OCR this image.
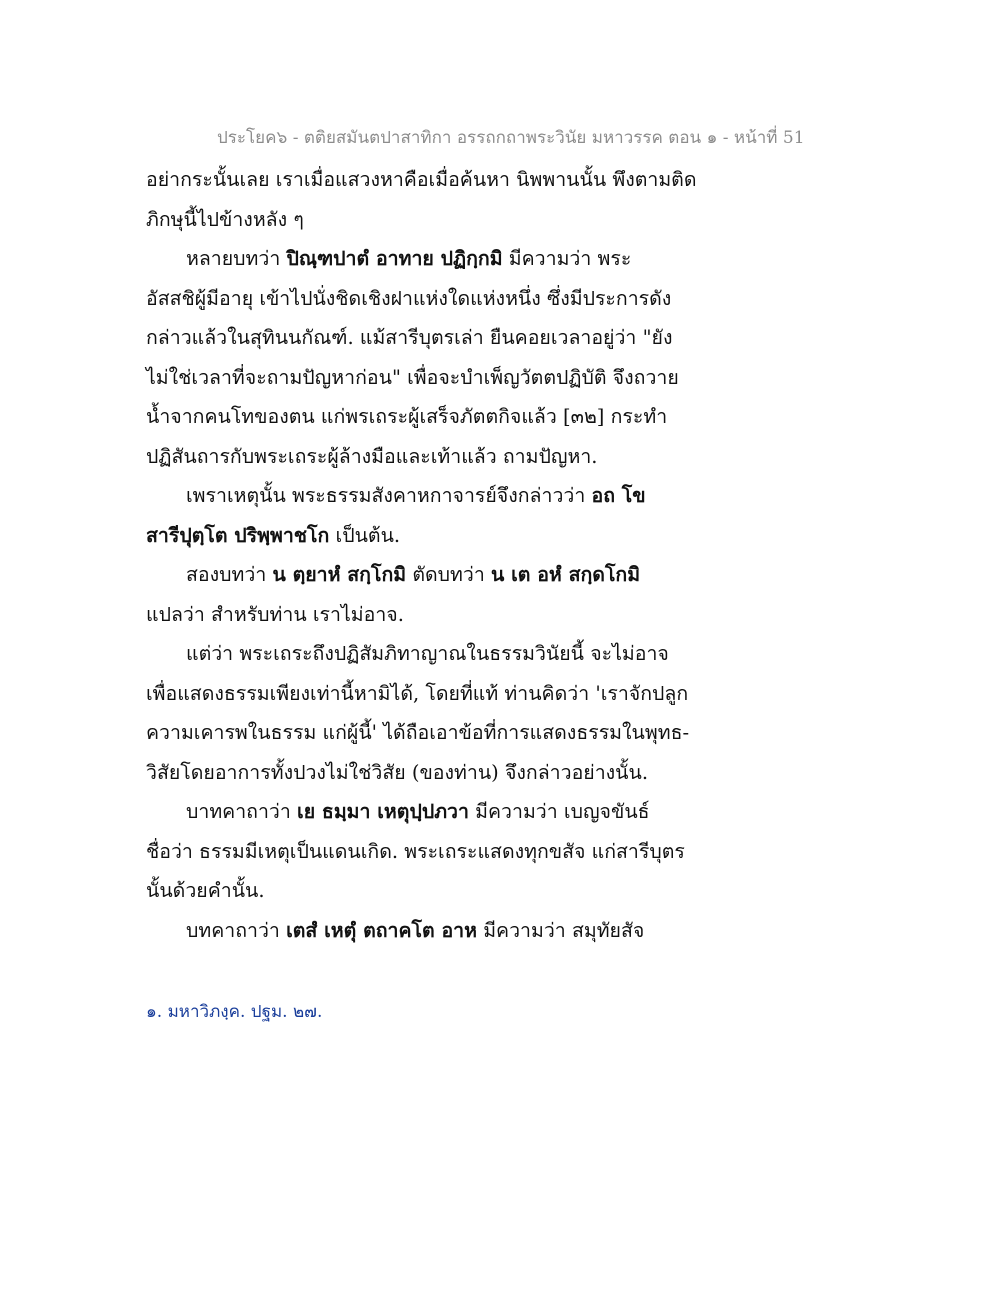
ประโยค๖ - ตติยสมันตปาสาทิกา อรรถกถาพระวินัย มหาวรรค ตอน ๑ - หน้าที่ 51
อย่ากระนั้นเลย เราเมื่อแสวงหาคือเมื่อค้นหา นิพพานนั้น พึงตามติด
ภิกษุนี้ไปข้างหลัง ๆ
หลายบทว่า ปิณฺฑปาตํ อาทาย ปฏิกฺกมิ มีความว่า พระ
อัสสชิผู้มีอายุ เข้าไปนั่งชิดเชิงฝาแห่งใดแห่งหนึ่ง ซึ่งมีประการดัง
กล่าวแล้วในสุทินนกัณฑ์. แม้สารีบุตรเล่า ยืนคอยเวลาอยู่ว่า "ยัง
ไม่ใช่เวลาที่จะถามปัญหาก่อน" เพื่อจะบำเพ็ญวัตตปฏิบัติ จึงถวาย
น้ำจากคนโทของตน แก่พรเถระผู้เสร็จภัตตกิจแล้ว [๓๒] กระทำ
ปฏิสันถารกับพระเถระผู้ล้างมือและเท้าแล้ว ถามปัญหา.
เพราเหตุนั้น พระธรรมสังคาหกาจารย์จึงกล่าวว่า อถ โข
สารีปุตฺโต ปริพฺพาชโก เป็นต้น.
สองบทว่า น ตฺยาหํ สกฺโกมิ ตัดบทว่า น เต อหํ สกฺดโกมิ
แปลว่า สำหรับท่าน เราไม่อาจ.
แต่ว่า พระเถระถึงปฏิสัมภิทาญาณในธรรมวินัยนี้ จะไม่อาจ
เพื่อแสดงธรรมเพียงเท่านี้หามิได้, โดยที่แท้ ท่านคิดว่า 'เราจักปลูก
ความเคารพในธรรม แก่ผู้นี้' ได้ถือเอาข้อที่การแสดงธรรมในพุทธ-
วิสัยโดยอาการทั้งปวงไม่ใช่วิสัย (ของท่าน) จึงกล่าวอย่างนั้น.
บาทคาถาว่า เย ธมฺมา เหตุปฺปภวา มีความว่า เบญจขันธ์
ชื่อว่า ธรรมมีเหตุเป็นแดนเกิด. พระเถระแสดงทุกขสัจ แก่สารีบุตร
นั้นด้วยคำนั้น.
บทคาถาว่า เตสํ เหตุํ ตถาคโต อาห มีความว่า สมุทัยสัจ
๑. มหาวิภงฺค. ปฐม. ๒๗.
